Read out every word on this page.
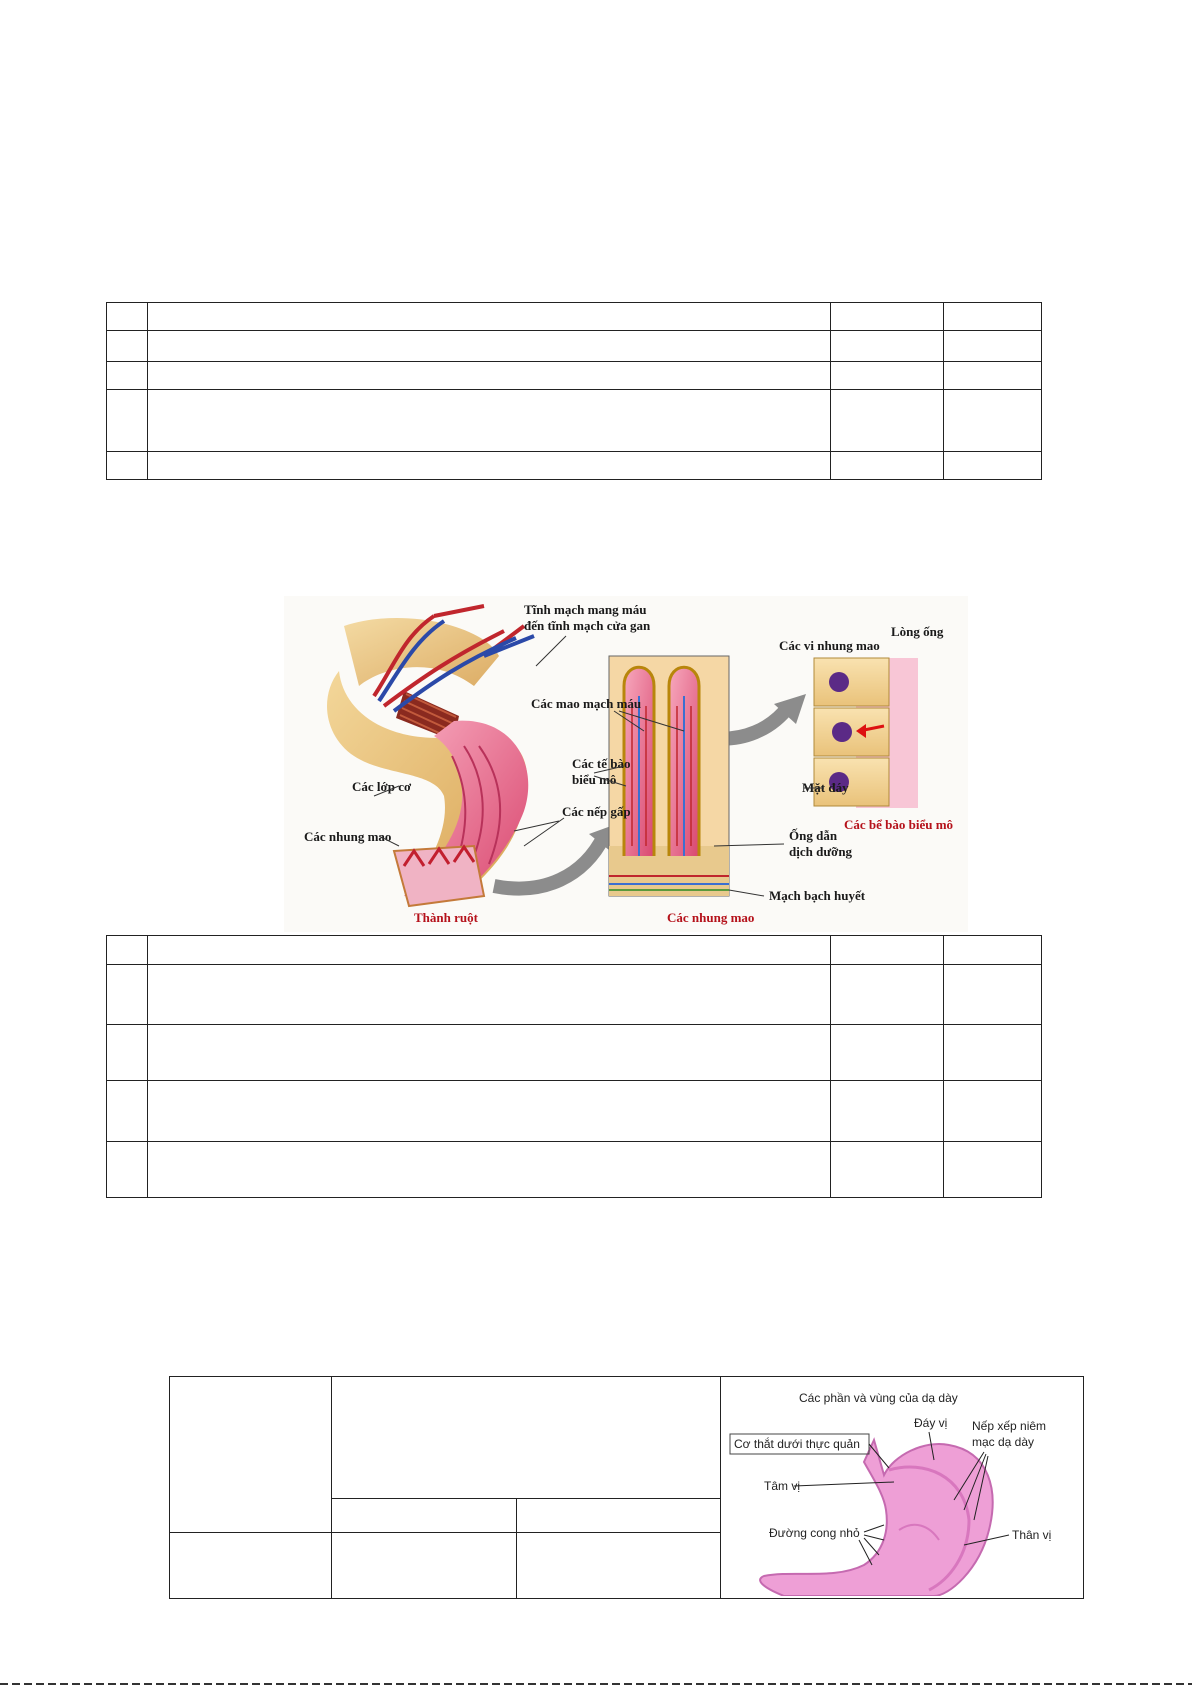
Tĩnh mạch mang máu
đến tĩnh mạch cửa gan	Lòng ống
Các vi nhung mao
Các mao mạch máu
Các tế bào
biểu mô
Các lớp cơ	Mặt đáy
Các nếp gấp
Các bể bào biểu mô
Các nhung mao	Ống dẫn
dịch dưỡng
Mạch bạch huyết
Thành ruột	Các nhung mao

Các phần và vùng của dạ dày
Đáy vị Nếp xếp niêm
mạc dạ dày
Cơ thắt dưới thực quản
Tâm vị
Đường cong nhỏ	Thân vị
